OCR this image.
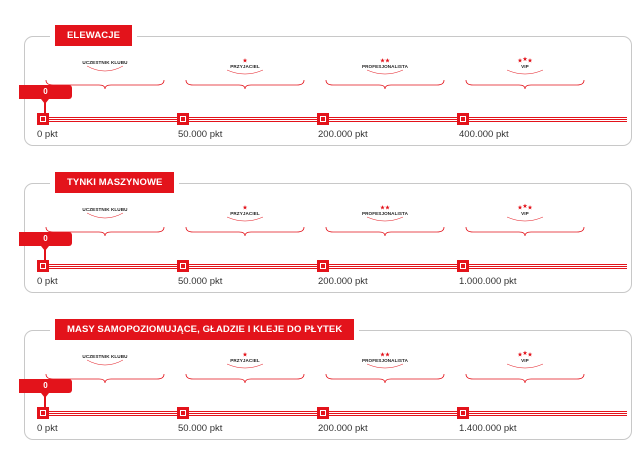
ELEWACJE
UCZESTNIK KLUBU
PRZYJACIEL	PROFESJONALISTA	VIP
0
0 pkt	50.000 pkt	200.000 pkt	400.000 pkt
TYNKI MASZYNOWE
UCZESTNIK KLUBU
PRZYJACIEL	PROFESJONALISTA	VIP
0
0 pkt	50.000 pkt	200.000 pkt	1.000.000 pkt
MASY SAMOPOZIOMUJĄCE, GŁADZIE I KLEJE DO PŁYTEK
UCZESTNIK KLUBU
PRZYJACIEL	PROFESJONALISTA	VIP
0
0 pkt	50.000 pkt	200.000 pkt	1.400.000 pkt
